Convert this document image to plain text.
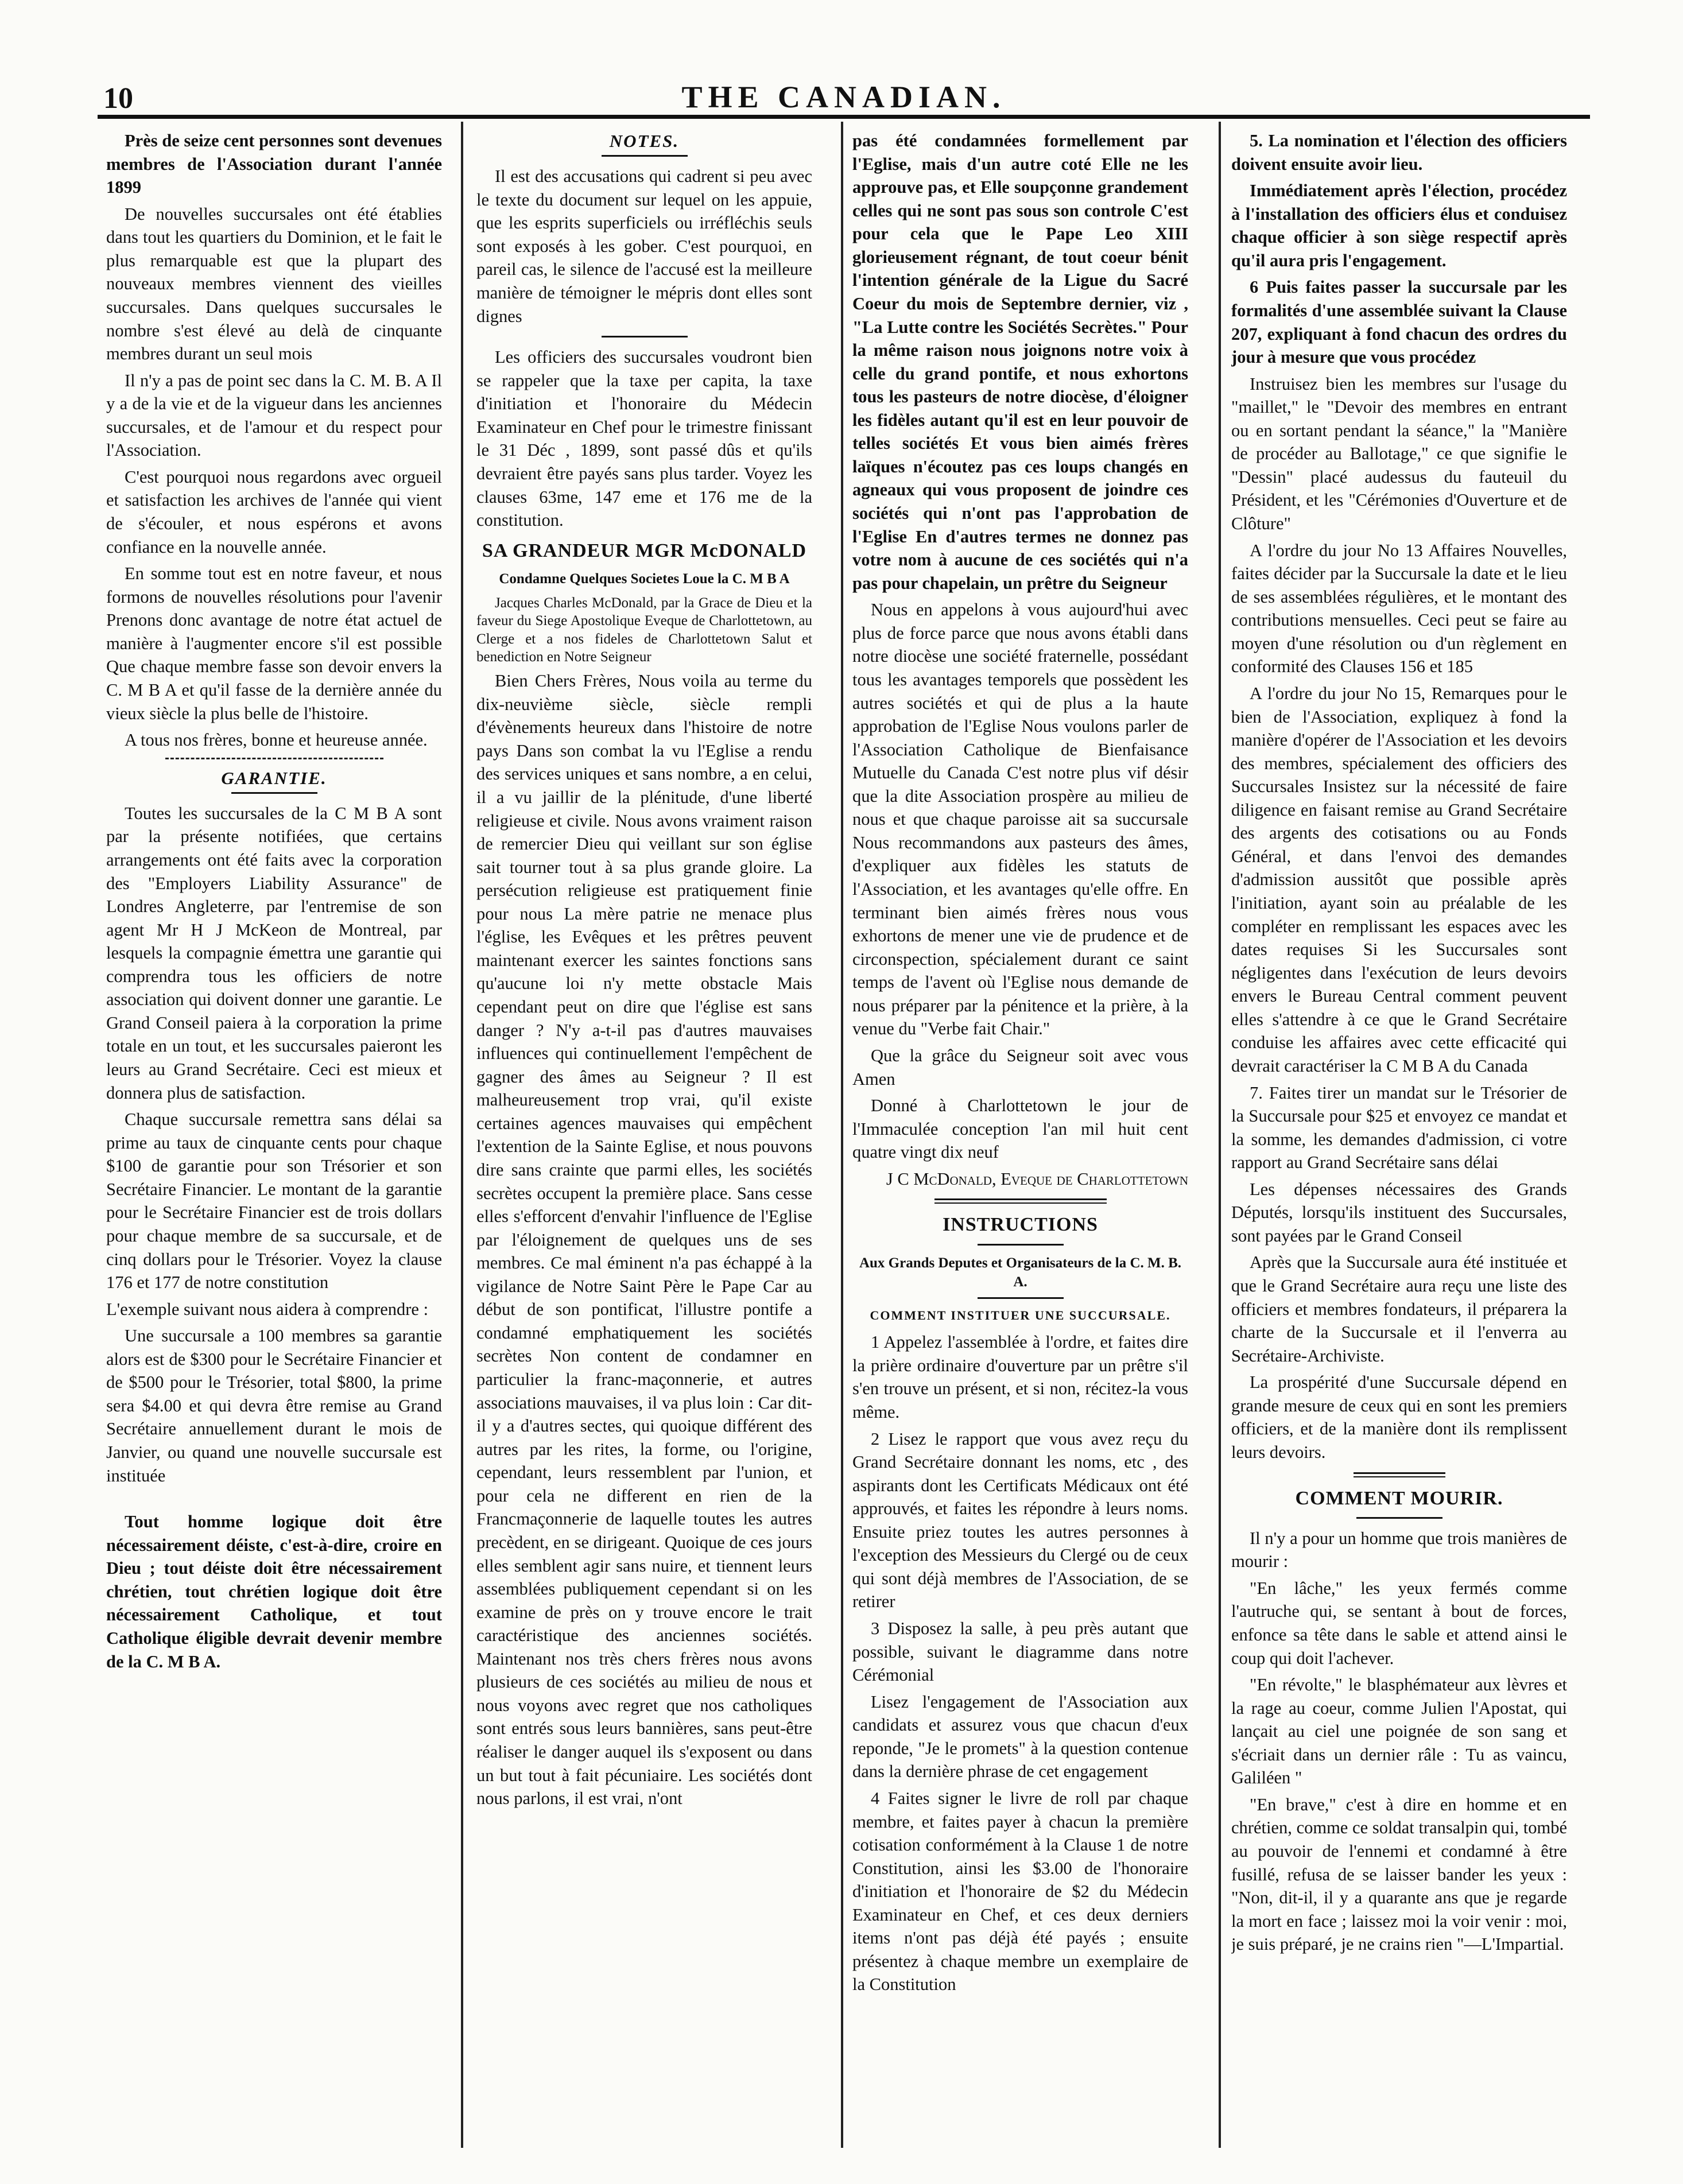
10	THE CANADIAN.

Près de seize cent personnes sont devenues membres de l'Association durant l'année 1899

De nouvelles succursales ont été établies dans tout les quartiers du Dominion, et le fait le plus remarquable est que la plupart des nouveaux membres viennent des vieilles succursales. Dans quelques succursales le nombre s'est élevé au delà de cinquante membres durant un seul mois

Il n'y a pas de point sec dans la C. M. B. A Il y a de la vie et de la vigueur dans les anciennes succursales, et de l'amour et du respect pour l'Association.

C'est pourquoi nous regardons avec orgueil et satisfaction les archives de l'année qui vient de s'écouler, et nous espérons et avons confiance en la nouvelle année.

En somme tout est en notre faveur, et nous formons de nouvelles résolutions pour l'avenir Prenons donc avantage de notre état actuel de manière à l'augmenter encore s'il est possible Que chaque membre fasse son devoir envers la C. M B A et qu'il fasse de la dernière année du vieux siècle la plus belle de l'histoire.

A tous nos frères, bonne et heureuse année.

GARANTIE.

Toutes les succursales de la C M B A sont par la présente notifiées, que certains arrangements ont été faits avec la corporation des "Employers Liability Assurance" de Londres Angleterre, par l'entremise de son agent Mr H J McKeon de Montreal, par lesquels la compagnie émettra une garantie qui comprendra tous les officiers de notre association qui doivent donner une garantie. Le Grand Conseil paiera à la corporation la prime totale en un tout, et les succursales paieront les leurs au Grand Secrétaire. Ceci est mieux et donnera plus de satisfaction.

Chaque succursale remettra sans délai sa prime au taux de cinquante cents pour chaque $100 de garantie pour son Trésorier et son Secrétaire Financier. Le montant de la garantie pour le Secrétaire Financier est de trois dollars pour chaque membre de sa succursale, et de cinq dollars pour le Trésorier. Voyez la clause 176 et 177 de notre constitution

L'exemple suivant nous aidera à comprendre :

Une succursale a 100 membres sa garantie alors est de $300 pour le Secrétaire Financier et de $500 pour le Trésorier, total $800, la prime sera $4.00 et qui devra être remise au Grand Secrétaire annuellement durant le mois de Janvier, ou quand une nouvelle succursale est instituée

Tout homme logique doit être nécessairement déiste, c'est-à-dire, croire en Dieu ; tout déiste doit être nécessairement chrétien, tout chrétien logique doit être nécessairement Catholique, et tout Catholique éligible devrait devenir membre de la C. M B A.

NOTES.

Il est des accusations qui cadrent si peu avec le texte du document sur lequel on les appuie, que les esprits superficiels ou irréfléchis seuls sont exposés à les gober. C'est pourquoi, en pareil cas, le silence de l'accusé est la meilleure manière de témoigner le mépris dont elles sont dignes

Les officiers des succursales voudront bien se rappeler que la taxe per capita, la taxe d'initiation et l'honoraire du Médecin Examinateur en Chef pour le trimestre finissant le 31 Déc , 1899, sont passé dûs et qu'ils devraient être payés sans plus tarder. Voyez les clauses 63me, 147 eme et 176 me de la constitution.

SA GRANDEUR MGR McDONALD
Condamne Quelques Societes Loue la C. M B A

Jacques Charles McDonald, par la Grace de Dieu et la faveur du Siege Apostolique Eveque de Charlottetown, au Clerge et a nos fideles de Charlottetown Salut et benediction en Notre Seigneur

Bien Chers Frères, Nous voila au terme du dix-neuvième siècle, siècle rempli d'évènements heureux dans l'histoire de notre pays Dans son combat la vu l'Eglise a rendu des services uniques et sans nombre, a en celui, il a vu jaillir de la plénitude, d'une liberté religieuse et civile. Nous avons vraiment raison de remercier Dieu qui veillant sur son église sait tourner tout à sa plus grande gloire. La persécution religieuse est pratiquement finie pour nous La mère patrie ne menace plus l'église, les Evêques et les prêtres peuvent maintenant exercer les saintes fonctions sans qu'aucune loi n'y mette obstacle Mais cependant peut on dire que l'église est sans danger ? N'y a-t-il pas d'autres mauvaises influences qui continuellement l'empêchent de gagner des âmes au Seigneur ? Il est malheureusement trop vrai, qu'il existe certaines agences mauvaises qui empêchent l'extention de la Sainte Eglise, et nous pouvons dire sans crainte que parmi elles, les sociétés secrètes occupent la première place. Sans cesse elles s'efforcent d'envahir l'influence de l'Eglise par l'éloignement de quelques uns de ses membres. Ce mal éminent n'a pas échappé à la vigilance de Notre Saint Père le Pape Car au début de son pontificat, l'illustre pontife a condamné emphatiquement les sociétés secrètes Non content de condamner en particulier la franc-maçonnerie, et autres associations mauvaises, il va plus loin : Car dit-il y a d'autres sectes, qui quoique différent des autres par les rites, la forme, ou l'origine, cependant, leurs ressemblent par l'union, et pour cela ne different en rien de la Francmaçonnerie de laquelle toutes les autres precèdent, en se dirigeant. Quoique de ces jours elles semblent agir sans nuire, et tiennent leurs assemblées publiquement cependant si on les examine de près on y trouve encore le trait caractéristique des anciennes sociétés. Maintenant nos très chers frères nous avons plusieurs de ces sociétés au milieu de nous et nous voyons avec regret que nos catholiques sont entrés sous leurs bannières, sans peut-être réaliser le danger auquel ils s'exposent ou dans un but tout à fait pécuniaire. Les sociétés dont nous parlons, il est vrai, n'ont

pas été condamnées formellement par l'Eglise, mais d'un autre coté Elle ne les approuve pas, et Elle soupçonne grandement celles qui ne sont pas sous son controle C'est pour cela que le Pape Leo XIII glorieusement régnant, de tout coeur bénit l'intention générale de la Ligue du Sacré Coeur du mois de Septembre dernier, viz , "La Lutte contre les Sociétés Secrètes." Pour la même raison nous joignons notre voix à celle du grand pontife, et nous exhortons tous les pasteurs de notre diocèse, d'éloigner les fidèles autant qu'il est en leur pouvoir de telles sociétés Et vous bien aimés frères laïques n'écoutez pas ces loups changés en agneaux qui vous proposent de joindre ces sociétés qui n'ont pas l'approbation de l'Eglise En d'autres termes ne donnez pas votre nom à aucune de ces sociétés qui n'a pas pour chapelain, un prêtre du Seigneur

Nous en appelons à vous aujourd'hui avec plus de force parce que nous avons établi dans notre diocèse une société fraternelle, possédant tous les avantages temporels que possèdent les autres sociétés et qui de plus a la haute approbation de l'Eglise Nous voulons parler de l'Association Catholique de Bienfaisance Mutuelle du Canada C'est notre plus vif désir que la dite Association prospère au milieu de nous et que chaque paroisse ait sa succursale Nous recommandons aux pasteurs des âmes, d'expliquer aux fidèles les statuts de l'Association, et les avantages qu'elle offre. En terminant bien aimés frères nous vous exhortons de mener une vie de prudence et de circonspection, spécialement durant ce saint temps de l'avent où l'Eglise nous demande de nous préparer par la pénitence et la prière, à la venue du "Verbe fait Chair."

Que la grâce du Seigneur soit avec vous Amen

Donné à Charlottetown le jour de l'Immaculée conception l'an mil huit cent quatre vingt dix neuf

J C McDonald, Eveque de Charlottetown

INSTRUCTIONS
Aux Grands Deputes et Organisateurs de la C. M. B. A.
COMMENT INSTITUER UNE SUCCURSALE.

1 Appelez l'assemblée à l'ordre, et faites dire la prière ordinaire d'ouverture par un prêtre s'il s'en trouve un présent, et si non, récitez-la vous même.

2 Lisez le rapport que vous avez reçu du Grand Secrétaire donnant les noms, etc , des aspirants dont les Certificats Médicaux ont été approuvés, et faites les répondre à leurs noms. Ensuite priez toutes les autres personnes à l'exception des Messieurs du Clergé ou de ceux qui sont déjà membres de l'Association, de se retirer

3 Disposez la salle, à peu près autant que possible, suivant le diagramme dans notre Cérémonial

Lisez l'engagement de l'Association aux candidats et assurez vous que chacun d'eux reponde, "Je le promets" à la question contenue dans la dernière phrase de cet engagement

4 Faites signer le livre de roll par chaque membre, et faites payer à chacun la première cotisation conformément à la Clause 1 de notre Constitution, ainsi les $3.00 de l'honoraire d'initiation et l'honoraire de $2 du Médecin Examinateur en Chef, et ces deux derniers items n'ont pas déjà été payés ; ensuite présentez à chaque membre un exemplaire de la Constitution

5. La nomination et l'élection des officiers doivent ensuite avoir lieu.

Immédiatement après l'élection, procédez à l'installation des officiers élus et conduisez chaque officier à son siège respectif après qu'il aura pris l'engagement.

6 Puis faites passer la succursale par les formalités d'une assemblée suivant la Clause 207, expliquant à fond chacun des ordres du jour à mesure que vous procédez

Instruisez bien les membres sur l'usage du "maillet," le "Devoir des membres en entrant ou en sortant pendant la séance," la "Manière de procéder au Ballotage," ce que signifie le "Dessin" placé audessus du fauteuil du Président, et les "Cérémonies d'Ouverture et de Clôture"

A l'ordre du jour No 13 Affaires Nouvelles, faites décider par la Succursale la date et le lieu de ses assemblées régulières, et le montant des contributions mensuelles. Ceci peut se faire au moyen d'une résolution ou d'un règlement en conformité des Clauses 156 et 185

A l'ordre du jour No 15, Remarques pour le bien de l'Association, expliquez à fond la manière d'opérer de l'Association et les devoirs des membres, spécialement des officiers des Succursales Insistez sur la nécessité de faire diligence en faisant remise au Grand Secrétaire des argents des cotisations ou au Fonds Général, et dans l'envoi des demandes d'admission aussitôt que possible après l'initiation, ayant soin au préalable de les compléter en remplissant les espaces avec les dates requises Si les Succursales sont négligentes dans l'exécution de leurs devoirs envers le Bureau Central comment peuvent elles s'attendre à ce que le Grand Secrétaire conduise les affaires avec cette efficacité qui devrait caractériser la C M B A du Canada

7. Faites tirer un mandat sur le Trésorier de la Succursale pour $25 et envoyez ce mandat et la somme, les demandes d'admission, ci votre rapport au Grand Secrétaire sans délai

Les dépenses nécessaires des Grands Députés, lorsqu'ils instituent des Succursales, sont payées par le Grand Conseil

Après que la Succursale aura été instituée et que le Grand Secrétaire aura reçu une liste des officiers et membres fondateurs, il préparera la charte de la Succursale et il l'enverra au Secrétaire-Archiviste.

La prospérité d'une Succursale dépend en grande mesure de ceux qui en sont les premiers officiers, et de la manière dont ils remplissent leurs devoirs.

COMMENT MOURIR.

Il n'y a pour un homme que trois manières de mourir :

"En lâche," les yeux fermés comme l'autruche qui, se sentant à bout de forces, enfonce sa tête dans le sable et attend ainsi le coup qui doit l'achever.

"En révolte," le blasphémateur aux lèvres et la rage au coeur, comme Julien l'Apostat, qui lançait au ciel une poignée de son sang et s'écriait dans un dernier râle : Tu as vaincu, Galiléen "

"En brave," c'est à dire en homme et en chrétien, comme ce soldat transalpin qui, tombé au pouvoir de l'ennemi et condamné à être fusillé, refusa de se laisser bander les yeux : "Non, dit-il, il y a quarante ans que je regarde la mort en face ; laissez moi la voir venir : moi, je suis préparé, je ne crains rien "—L'Impartial.
